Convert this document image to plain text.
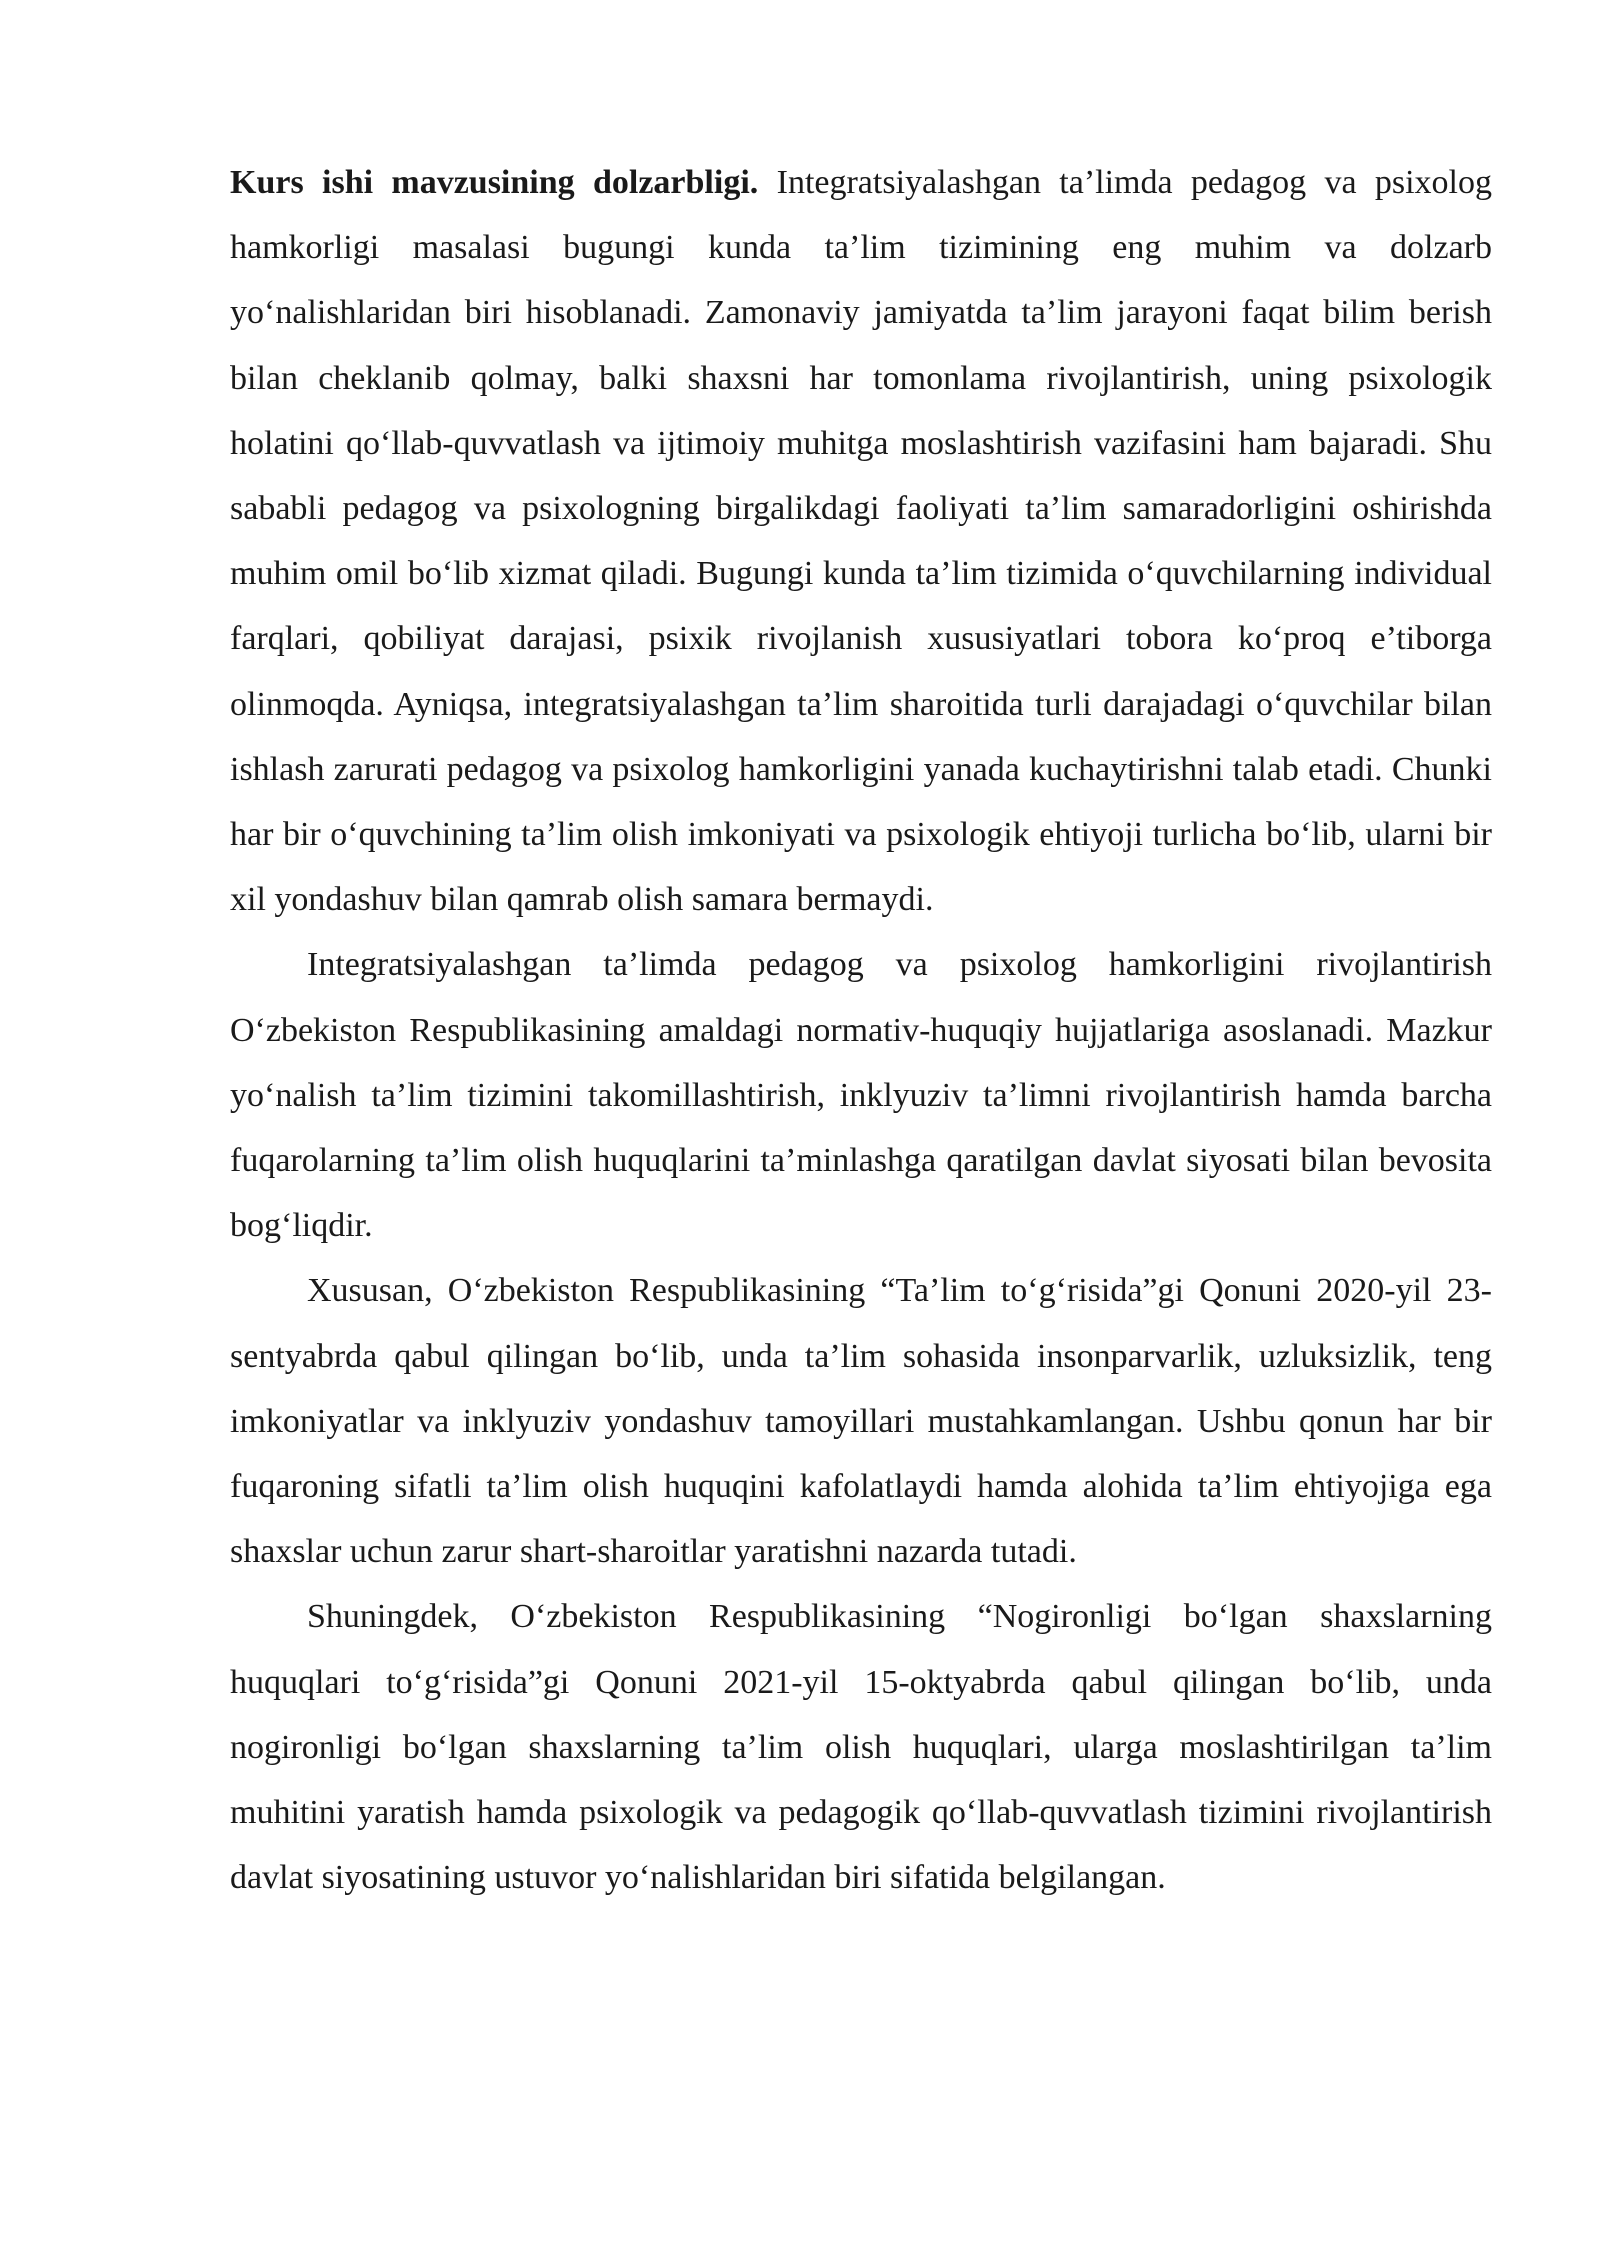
Kurs ishi mavzusining dolzarbligi. Integratsiyalashgan ta’limda pedagog va psixolog hamkorligi masalasi bugungi kunda ta’lim tizimining eng muhim va dolzarb yo‘nalishlaridan biri hisoblanadi. Zamonaviy jamiyatda ta’lim jarayoni faqat bilim berish bilan cheklanib qolmay, balki shaxsni har tomonlama rivojlantirish, uning psixologik holatini qo‘llab-quvvatlash va ijtimoiy muhitga moslashtirish vazifasini ham bajaradi. Shu sababli pedagog va psixologning birgalikdagi faoliyati ta’lim samaradorligini oshirishda muhim omil bo‘lib xizmat qiladi. Bugungi kunda ta’lim tizimida o‘quvchilarning individual farqlari, qobiliyat darajasi, psixik rivojlanish xususiyatlari tobora ko‘proq e’tiborga olinmoqda. Ayniqsa, integratsiyalashgan ta’lim sharoitida turli darajadagi o‘quvchilar bilan ishlash zarurati pedagog va psixolog hamkorligini yanada kuchaytirishni talab etadi. Chunki har bir o‘quvchining ta’lim olish imkoniyati va psixologik ehtiyoji turlicha bo‘lib, ularni bir xil yondashuv bilan qamrab olish samara bermaydi.

Integratsiyalashgan ta’limda pedagog va psixolog hamkorligini rivojlantirish O‘zbekiston Respublikasining amaldagi normativ-huquqiy hujjatlariga asoslanadi. Mazkur yo‘nalish ta’lim tizimini takomillashtirish, inklyuziv ta’limni rivojlantirish hamda barcha fuqarolarning ta’lim olish huquqlarini ta’minlashga qaratilgan davlat siyosati bilan bevosita bog‘liqdir.

Xususan, O‘zbekiston Respublikasining “Ta’lim to‘g‘risida”gi Qonuni 2020-yil 23-sentyabrda qabul qilingan bo‘lib, unda ta’lim sohasida insonparvarlik, uzluksizlik, teng imkoniyatlar va inklyuziv yondashuv tamoyillari mustahkamlangan. Ushbu qonun har bir fuqaroning sifatli ta’lim olish huquqini kafolatlaydi hamda alohida ta’lim ehtiyojiga ega shaxslar uchun zarur shart-sharoitlar yaratishni nazarda tutadi.

Shuningdek, O‘zbekiston Respublikasining “Nogironligi bo‘lgan shaxslarning huquqlari to‘g‘risida”gi Qonuni 2021-yil 15-oktyabrda qabul qilingan bo‘lib, unda nogironligi bo‘lgan shaxslarning ta’lim olish huquqlari, ularga moslashtirilgan ta’lim muhitini yaratish hamda psixologik va pedagogik qo‘llab-quvvatlash tizimini rivojlantirish davlat siyosatining ustuvor yo‘nalishlaridan biri sifatida belgilangan.
